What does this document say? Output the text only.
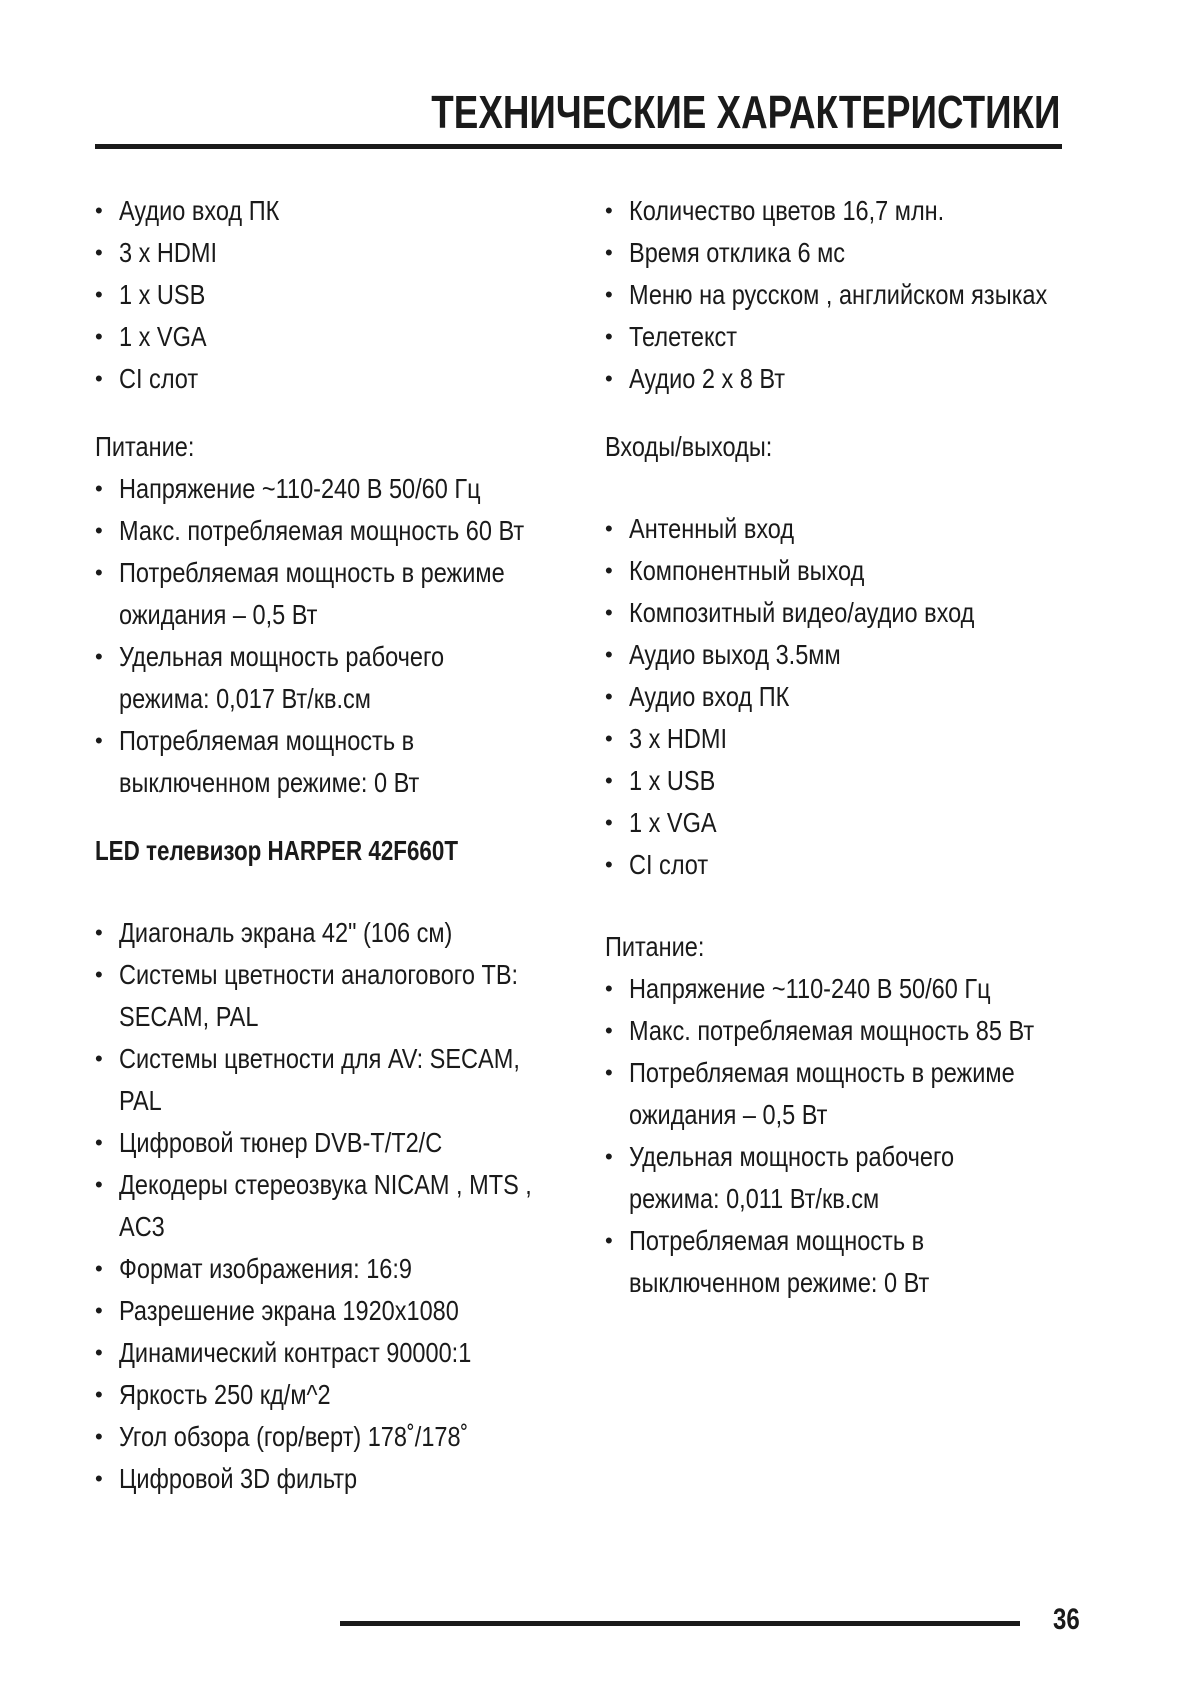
ТЕХНИЧЕСКИЕ ХАРАКТЕРИСТИКИ
• Аудио вход ПК
• 3 x HDMI
• 1 x USB
• 1 x VGA
• CI слот
Питание:
• Напряжение ~110-240 В 50/60 Гц
• Макс. потребляемая мощность 60 Вт
• Потребляемая мощность в режиме
ожидания – 0,5 Вт
• Удельная мощность рабочего
режима: 0,017 Вт/кв.см
• Потребляемая мощность в
выключенном режиме: 0 Вт
LED телевизор HARPER 42F660T
• Диагональ экрана 42" (106 см)
• Системы цветности аналогового ТВ:
SECAM, PAL
• Системы цветности для AV: SECAM,
PAL
• Цифровой тюнер DVB-T/T2/C
• Декодеры стереозвука NICAM , MTS ,
AC3
• Формат изображения: 16:9
• Разрешение экрана 1920x1080
• Динамический контраст 90000:1
• Яркость 250 кд/м^2
• Угол обзора (гор/верт) 178˚/178˚
• Цифровой 3D фильтр
• Количество цветов 16,7 млн.
• Время отклика 6 мс
• Меню на русском , английском языках
• Телетекст
• Аудио 2 x 8 Вт
Входы/выходы:
• Антенный вход
• Компонентный выход
• Композитный видео/аудио вход
• Аудио выход 3.5мм
• Аудио вход ПК
• 3 x HDMI
• 1 x USB
• 1 x VGA
• CI слот
Питание:
• Напряжение ~110-240 В 50/60 Гц
• Макс. потребляемая мощность 85 Вт
• Потребляемая мощность в режиме
ожидания – 0,5 Вт
• Удельная мощность рабочего
режима: 0,011 Вт/кв.см
• Потребляемая мощность в
выключенном режиме: 0 Вт
36
